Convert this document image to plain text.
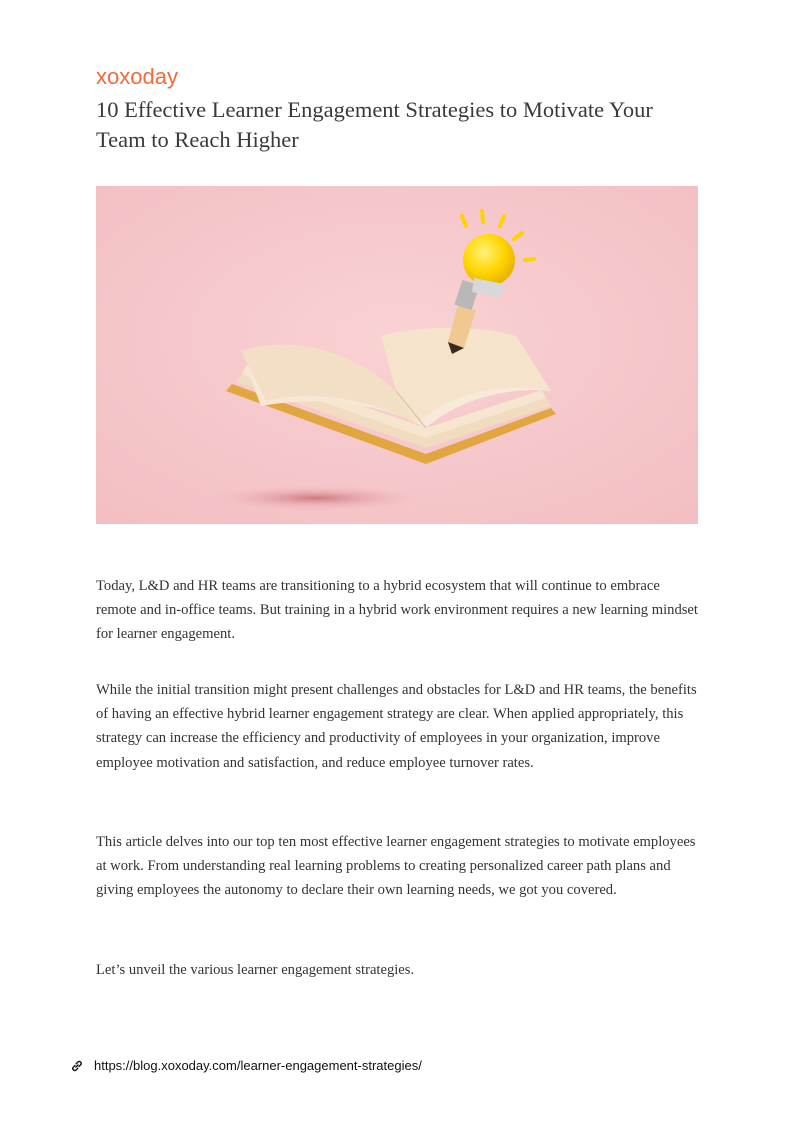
xoxoday
10 Effective Learner Engagement Strategies to Motivate Your Team to Reach Higher

Today, L&D and HR teams are transitioning to a hybrid ecosystem that will continue to embrace remote and in-office teams. But training in a hybrid work environment requires a new learning mindset for learner engagement.

While the initial transition might present challenges and obstacles for L&D and HR teams, the benefits of having an effective hybrid learner engagement strategy are clear. When applied appropriately, this strategy can increase the efficiency and productivity of employees in your organization, improve employee motivation and satisfaction, and reduce employee turnover rates.

This article delves into our top ten most effective learner engagement strategies to motivate employees at work. From understanding real learning problems to creating personalized career path plans and giving employees the autonomy to declare their own learning needs, we got you covered.

Let’s unveil the various learner engagement strategies.

https://blog.xoxoday.com/learner-engagement-strategies/
